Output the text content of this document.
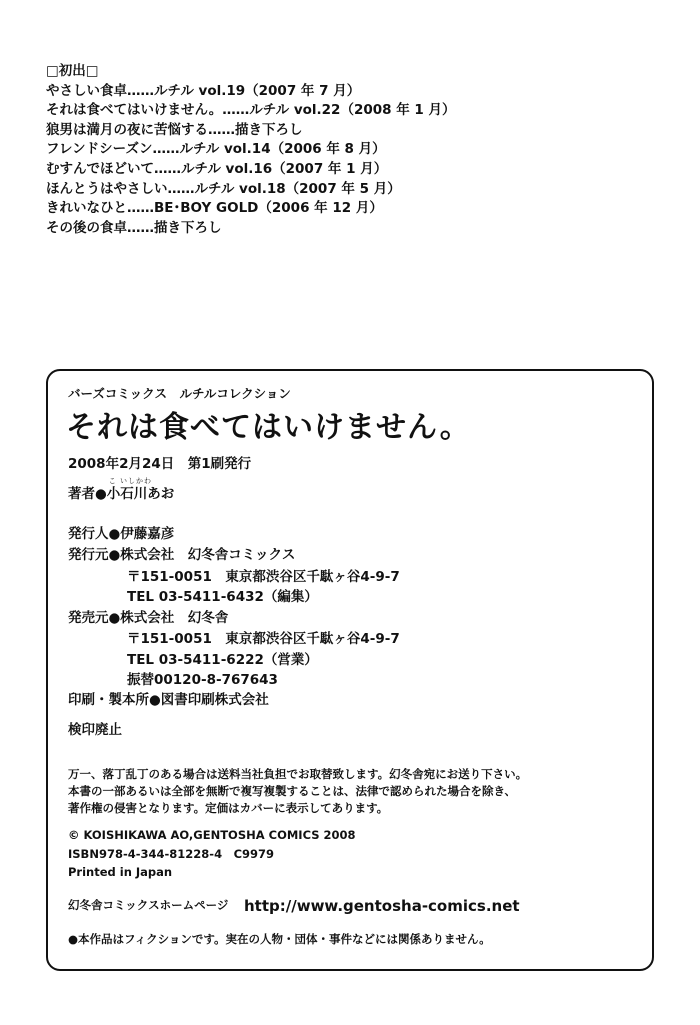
□初出□
やさしい食卓……ルチル vol.19（2007 年 7 月）
それは食べてはいけません。……ルチル vol.22（2008 年 1 月）
狼男は満月の夜に苦悩する……描き下ろし
フレンドシーズン……ルチル vol.14（2006 年 8 月）
むすんでほどいて……ルチル vol.16（2007 年 1 月）
ほんとうはやさしい……ルチル vol.18（2007 年 5 月）
きれいなひと……BE･BOY GOLD（2006 年 12 月）
その後の食卓……描き下ろし
バーズコミックス　ルチルコレクション
それは食べてはいけません。
2008年2月24日　第1刷発行
著者●
こ いしかわ
小石川あお
発行人●伊藤嘉彦
発行元●株式会社　幻冬舎コミックス
〒151-0051　東京都渋谷区千駄ヶ谷4-9-7
TEL 03-5411-6432（編集）
発売元●株式会社　幻冬舎
〒151-0051　東京都渋谷区千駄ヶ谷4-9-7
TEL 03-5411-6222（営業）
振替00120-8-767643
印刷・製本所●図書印刷株式会社
検印廃止
万一、落丁乱丁のある場合は送料当社負担でお取替致します。幻冬舎宛にお送り下さい。
本書の一部あるいは全部を無断で複写複製することは、法律で認められた場合を除き、
著作権の侵害となります。定価はカバーに表示してあります。
© KOISHIKAWA AO,GENTOSHA COMICS 2008
ISBN978-4-344-81228-4　C9979
Printed in Japan
幻冬舎コミックスホームページ http://www.gentosha-comics.net
●本作品はフィクションです。実在の人物・団体・事件などには関係ありません。
